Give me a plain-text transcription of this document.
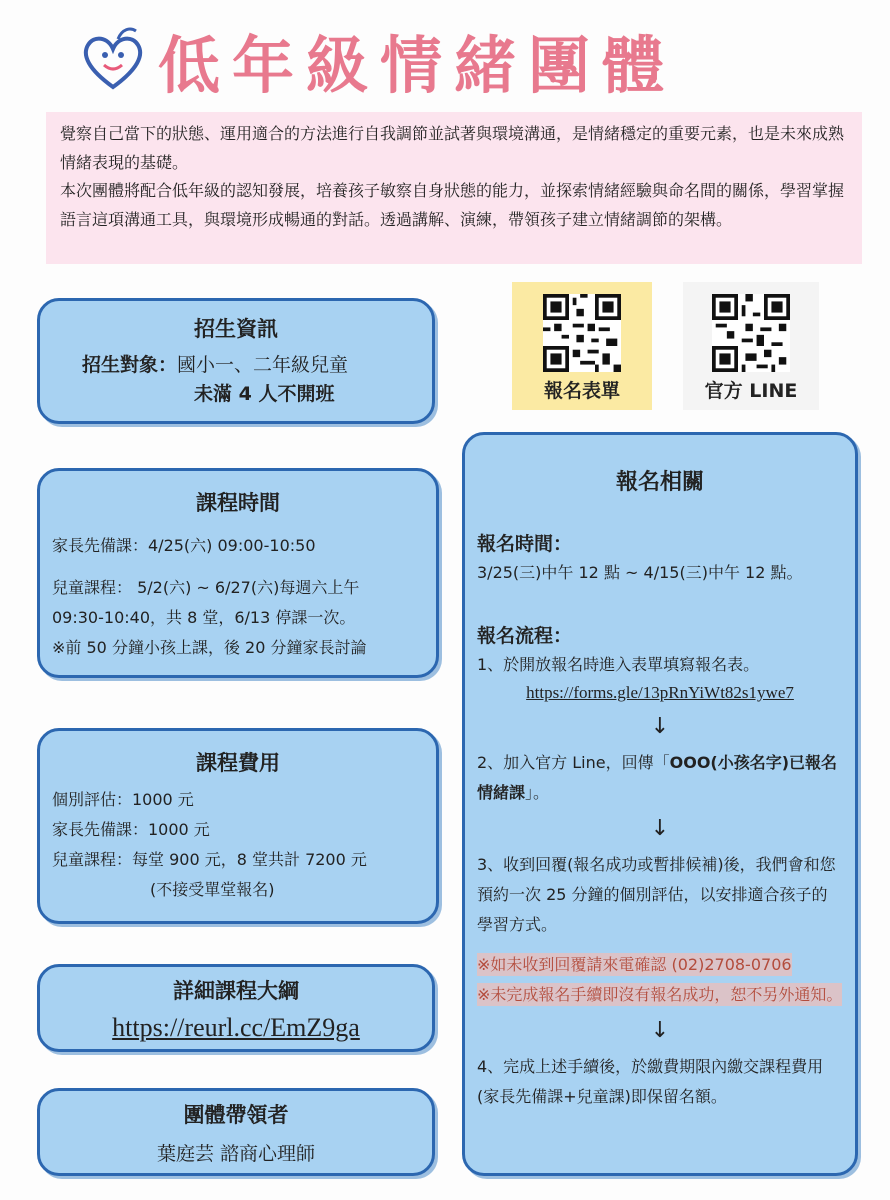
低年級情緒團體

覺察自己當下的狀態、運用適合的方法進行自我調節並試著與環境溝通，是情緒穩定的重要元素，也是未來成熟情緒表現的基礎。

本次團體將配合低年級的認知發展，培養孩子敏察自身狀態的能力，並探索情緒經驗與命名間的關係，學習掌握語言這項溝通工具，與環境形成暢通的對話。透過講解、演練，帶領孩子建立情緒調節的架構。

招生資訊
招生對象：國小一、二年級兒童
未滿 4 人不開班
課程時間
家長先備課：4/25(六) 09:00-10:50
兒童課程： 5/2(六) ~ 6/27(六)每週六上午
09:30-10:40，共 8 堂，6/13 停課一次。
※前 50 分鐘小孩上課，後 20 分鐘家長討論
課程費用
個別評估：1000 元
家長先備課：1000 元
兒童課程：每堂 900 元，8 堂共計 7200 元
(不接受單堂報名)
詳細課程大綱
https://reurl.cc/EmZ9ga
團體帶領者
葉庭芸 諮商心理師
報名表單	官方 LINE
報名相關
報名時間：
3/25(三)中午 12 點 ~ 4/15(三)中午 12 點。
報名流程：
1、於開放報名時進入表單填寫報名表。
https://forms.gle/13pRnYiWt82s1ywe7
↓
2、加入官方 Line，回傳「OOO(小孩名字)已報名情緒課」。
↓
3、收到回覆(報名成功或暫排候補)後，我們會和您預約一次 25 分鐘的個別評估，以安排適合孩子的學習方式。
※如未收到回覆請來電確認 (02)2708-0706
※未完成報名手續即沒有報名成功，恕不另外通知。
↓
4、完成上述手續後，於繳費期限內繳交課程費用(家長先備課+兒童課)即保留名額。
